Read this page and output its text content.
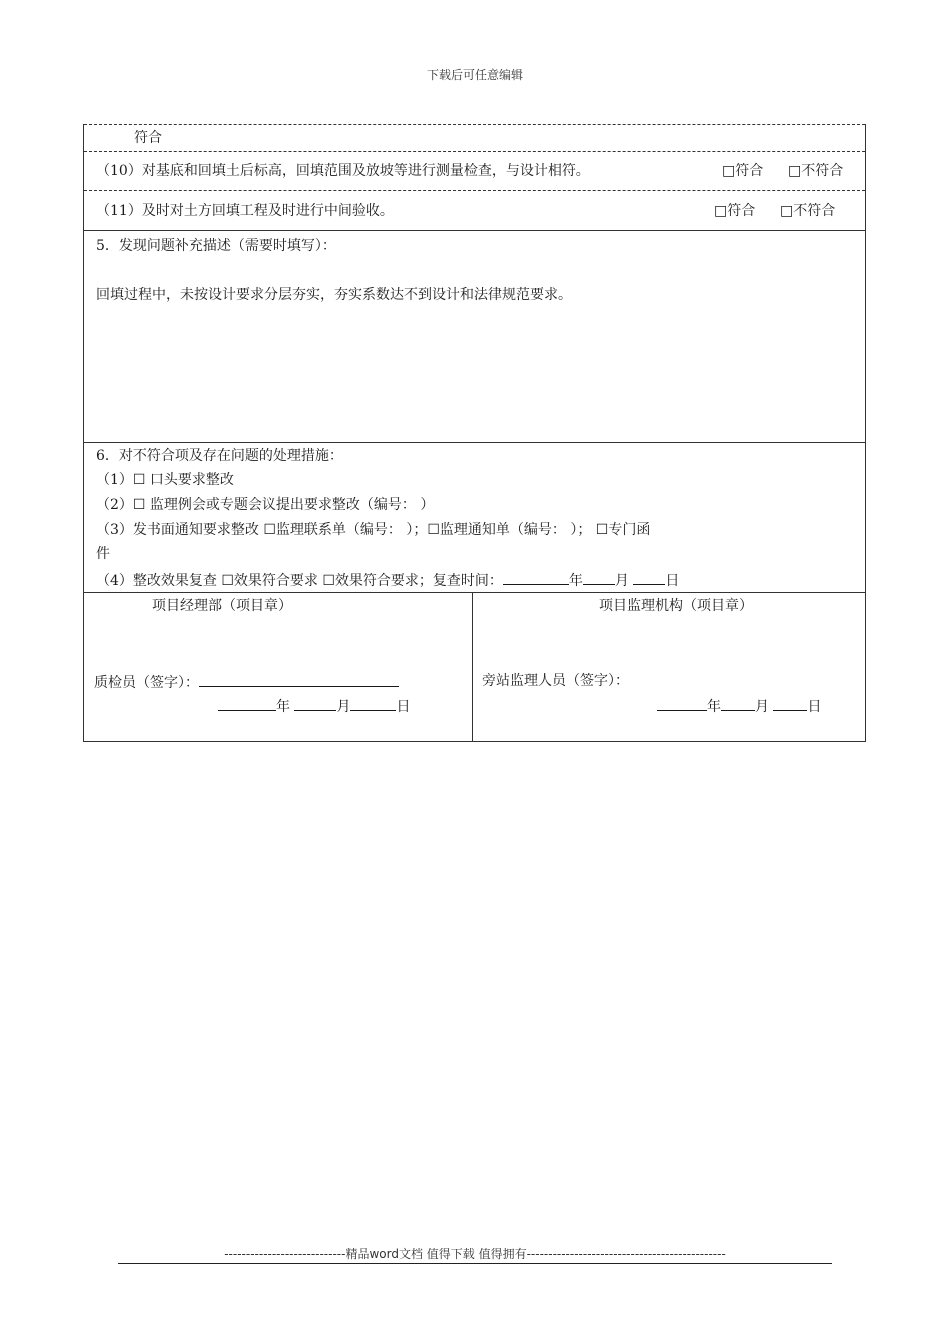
下载后可任意编辑
符合
（10）对基底和回填土后标高，回填范围及放坡等进行测量检查，与设计相符。	□符合 □不符合
（11）及时对土方回填工程及时进行中间验收。	□符合 □不符合
5．发现问题补充描述（需要时填写）：
回填过程中，未按设计要求分层夯实，夯实系数达不到设计和法律规范要求。
6．对不符合项及存在问题的处理措施：
（1）☐ 口头要求整改
（2）☐ 监理例会或专题会议提出要求整改（编号： ）
（3）发书面通知要求整改 ☐监理联系单（编号： ）；☐监理通知单（编号： ）； ☐专门函
件
（4）整改效果复查 ☐效果符合要求 ☐效果符合要求；复查时间：	年 月	日
项目经理部（项目章）
质检员（签字）：
年	月	日
项目监理机构（项目章）
旁站监理人员（签字）：
年 月	日
----------------------------精品word文档 值得下载 值得拥有----------------------------------------------
